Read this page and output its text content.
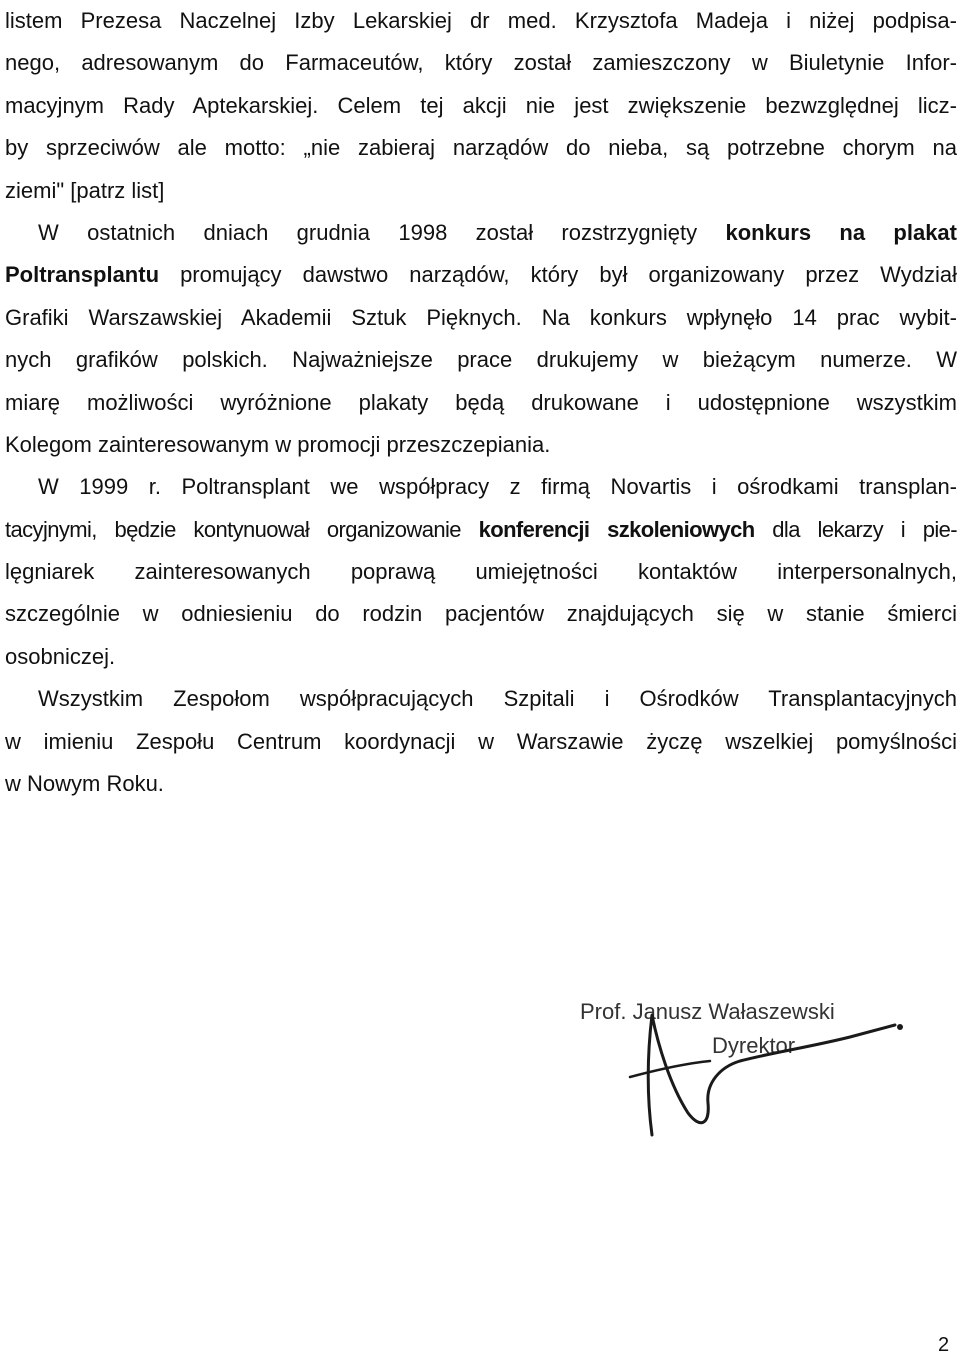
listem Prezesa Naczelnej Izby Lekarskiej dr med. Krzysztofa Madeja i niżej podpisa-
nego, adresowanym do Farmaceutów, który został zamieszczony w Biuletynie Infor-
macyjnym Rady Aptekarskiej. Celem tej akcji nie jest zwiększenie bezwzględnej licz-
by sprzeciwów ale motto: „nie zabieraj narządów do nieba, są potrzebne chorym na
ziemi" [patrz list]
W ostatnich dniach grudnia 1998 został rozstrzygnięty konkurs na plakat
Poltransplantu promujący dawstwo narządów, który był organizowany przez Wydział
Grafiki Warszawskiej Akademii Sztuk Pięknych. Na konkurs wpłynęło 14 prac wybit-
nych grafików polskich. Najważniejsze prace drukujemy w bieżącym numerze. W
miarę możliwości wyróżnione plakaty będą drukowane i udostępnione wszystkim
Kolegom zainteresowanym w promocji przeszczepiania.
W 1999 r. Poltransplant we współpracy z firmą Novartis i ośrodkami transplan-
tacyjnymi, będzie kontynuował organizowanie konferencji szkoleniowych dla lekarzy i pie-
lęgniarek zainteresowanych poprawą umiejętności kontaktów interpersonalnych,
szczególnie w odniesieniu do rodzin pacjentów znajdujących się w stanie śmierci
osobniczej.
Wszystkim Zespołom współpracujących Szpitali i Ośrodków Transplantacyjnych
w imieniu Zespołu Centrum koordynacji w Warszawie życzę wszelkiej pomyślności
w Nowym Roku.
Prof. Janusz Wałaszewski
Dyrektor
2
